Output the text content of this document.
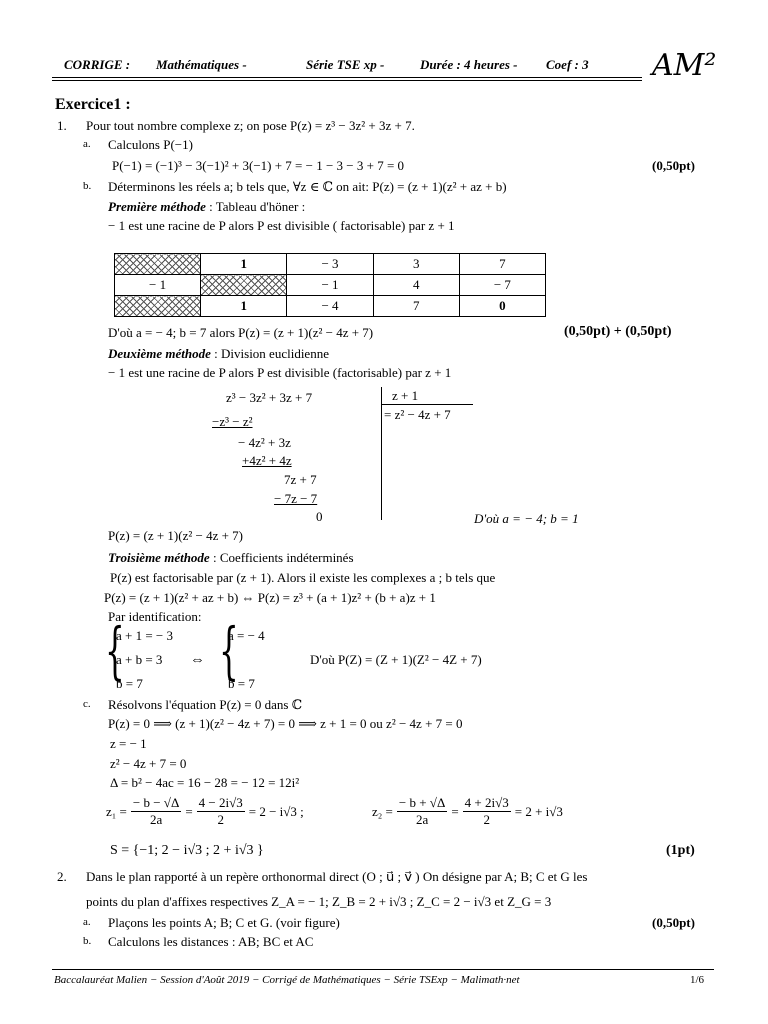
CORRIGE : Mathématiques -	Série TSE xp -	Durée : 4 heures - Coef : 3 AM²
Exercice1 :
1. Pour tout nombre complexe z; on pose P(z) = z³ − 3z² + 3z + 7.
a. Calculons P(−1)
P(−1) = (−1)³ − 3(−1)² + 3(−1) + 7 = − 1 − 3 − 3 + 7 = 0	(0,50pt)
b. Déterminons les réels a; b tels que, ∀z ∈ ℂ on ait: P(z) = (z + 1)(z² + az + b)
Première méthode : Tableau d'höner :
− 1 est une racine de P alors P est divisible ( factorisable) par z + 1
	1	− 3	3	7
− 1		− 1	4	− 7
	1	− 4	7	0
D'où a = − 4; b = 7 alors P(z) = (z + 1)(z² − 4z + 7)	(0,50pt) + (0,50pt)
Deuxième méthode : Division euclidienne
− 1 est une racine de P alors P est divisible (factorisable) par z + 1
z³ − 3z² + 3z + 7
−z³ − z²
− 4z² + 3z
+4z² + 4z
7z + 7
− 7z − 7
0
z + 1
= z² − 4z + 7
D'où a = − 4; b = 1
P(z) = (z + 1)(z² − 4z + 7)
Troisième méthode : Coefficients indéterminés
P(z) est factorisable par (z + 1). Alors il existe les complexes a ; b tels que
P(z) = (z + 1)(z² + az + b) ⇔ P(z) = z³ + (a + 1)z² + (b + a)z + 1
Par identification:
{
a + 1 = − 3
a + b = 3
b = 7
⇔ {
a = − 4
b = 7
D'où P(Z) = (Z + 1)(Z² − 4Z + 7)
c. Résolvons l'équation P(z) = 0 dans ℂ
P(z) = 0 ⟹ (z + 1)(z² − 4z + 7) = 0 ⟹ z + 1 = 0 ou z² − 4z + 7 = 0
z = − 1
z² − 4z + 7 = 0
Δ = b² − 4ac = 16 − 28 = − 12 = 12i²
$z_1 = \frac{- b - √\Delta}{2a} = \frac{4 - 2i√3}{2} = 2 - i√3$ ;	$z_2 = \frac{- b + √\Delta}{2a} = \frac{4 + 2i√3}{2} = 2 + i√3$
S = {−1; 2 − i√3 ; 2 + i√3 }	(1pt)
2. Dans le plan rapporté à un repère orthonormal direct (O ; u⃗ ; v⃗ ) On désigne par A; B; C et G les
points du plan d'affixes respectives Z_A = − 1; Z_B = 2 + i√3 ; Z_C = 2 − i√3 et Z_G = 3
a. Plaçons les points A; B; C et G. (voir figure)	(0,50pt)
b. Calculons les distances : AB; BC et AC
Baccalauréat Malien − Session d'Août 2019 − Corrigé de Mathématiques − Série TSExp − Malimath·net	1/6
